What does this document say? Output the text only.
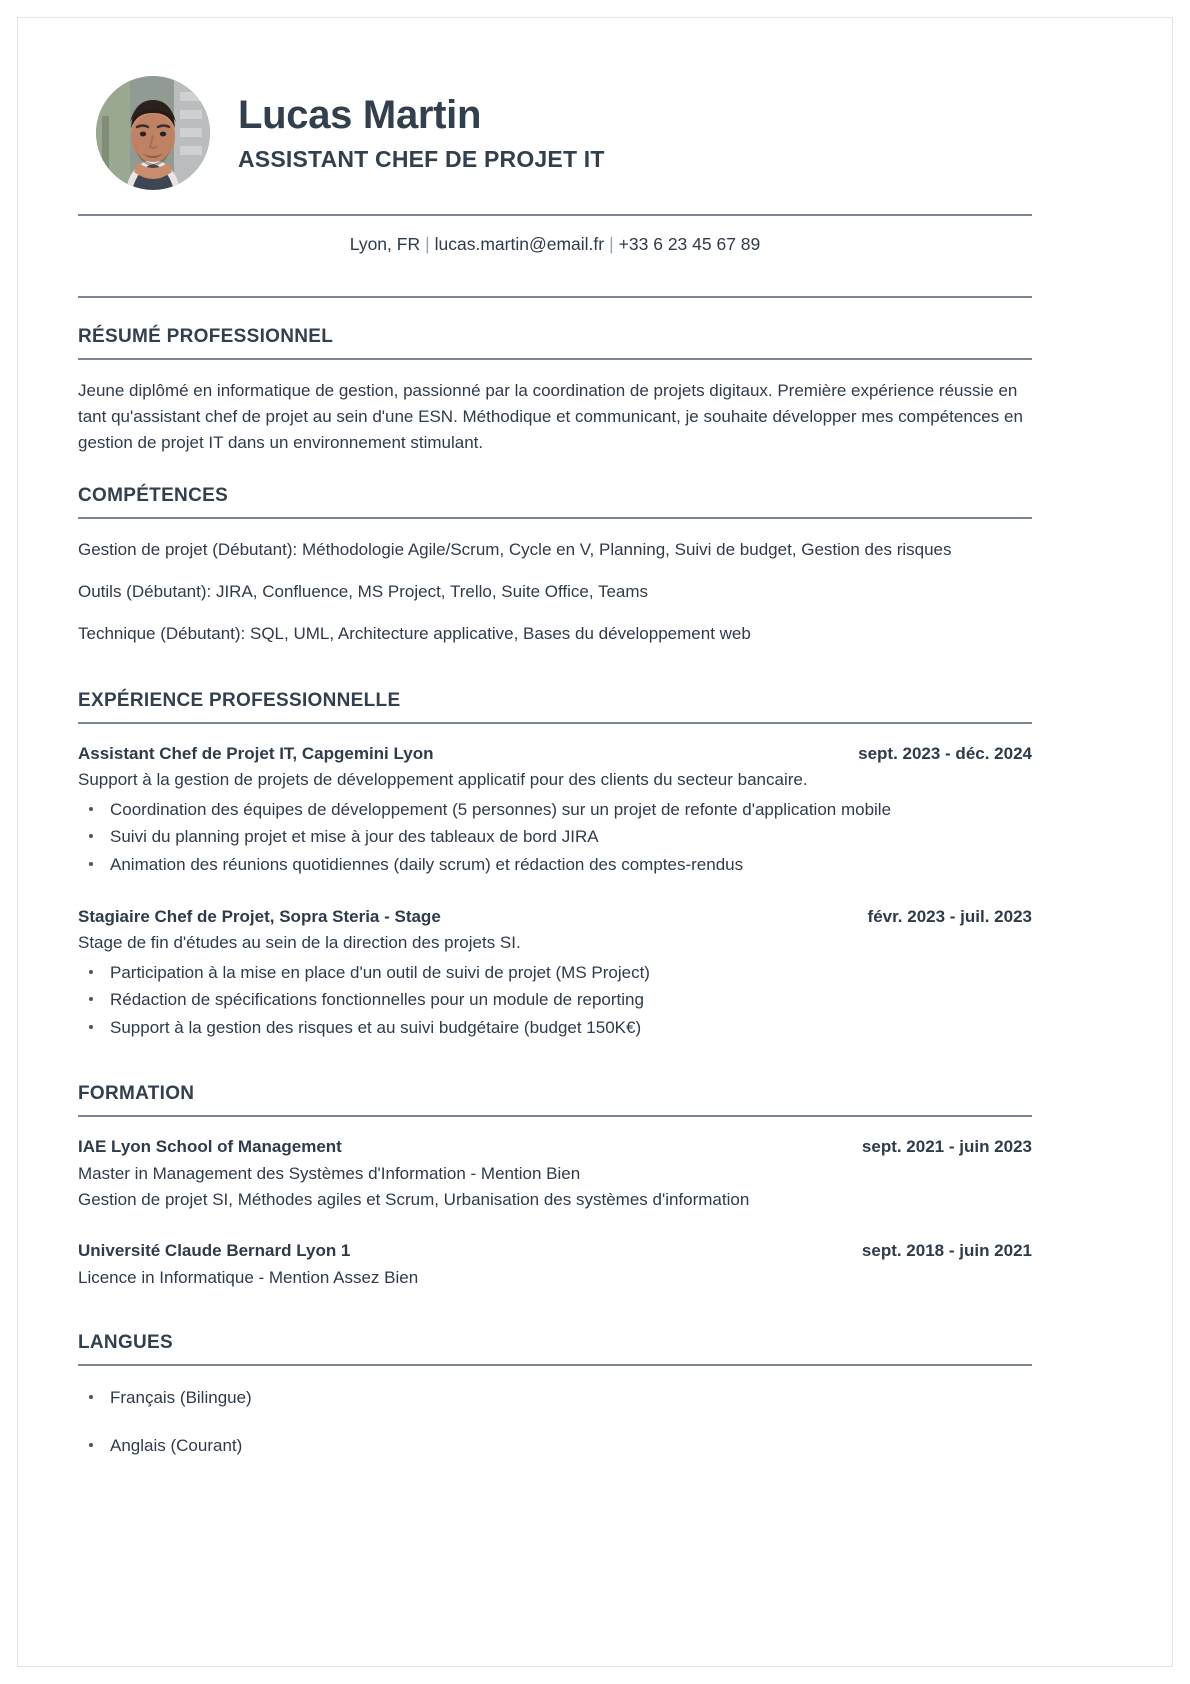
Lucas Martin
ASSISTANT CHEF DE PROJET IT
Lyon, FR | lucas.martin@email.fr | +33 6 23 45 67 89
RÉSUMÉ PROFESSIONNEL

Jeune diplômé en informatique de gestion, passionné par la coordination de projets digitaux. Première expérience réussie en tant qu'assistant chef de projet au sein d'une ESN. Méthodique et communicant, je souhaite développer mes compétences en gestion de projet IT dans un environnement stimulant.

COMPÉTENCES

Gestion de projet (Débutant): Méthodologie Agile/Scrum, Cycle en V, Planning, Suivi de budget, Gestion des risques

Outils (Débutant): JIRA, Confluence, MS Project, Trello, Suite Office, Teams

Technique (Débutant): SQL, UML, Architecture applicative, Bases du développement web

EXPÉRIENCE PROFESSIONNELLE
Assistant Chef de Projet IT, Capgemini Lyon	sept. 2023 - déc. 2024
Support à la gestion de projets de développement applicatif pour des clients du secteur bancaire.
Coordination des équipes de développement (5 personnes) sur un projet de refonte d'application mobile
Suivi du planning projet et mise à jour des tableaux de bord JIRA
Animation des réunions quotidiennes (daily scrum) et rédaction des comptes-rendus
Stagiaire Chef de Projet, Sopra Steria - Stage	févr. 2023 - juil. 2023
Stage de fin d'études au sein de la direction des projets SI.
Participation à la mise en place d'un outil de suivi de projet (MS Project)
Rédaction de spécifications fonctionnelles pour un module de reporting
Support à la gestion des risques et au suivi budgétaire (budget 150K€)
FORMATION
IAE Lyon School of Management	sept. 2021 - juin 2023
Master in Management des Systèmes d'Information - Mention Bien
Gestion de projet SI, Méthodes agiles et Scrum, Urbanisation des systèmes d'information
Université Claude Bernard Lyon 1	sept. 2018 - juin 2021
Licence in Informatique - Mention Assez Bien
LANGUES
Français (Bilingue)
Anglais (Courant)
